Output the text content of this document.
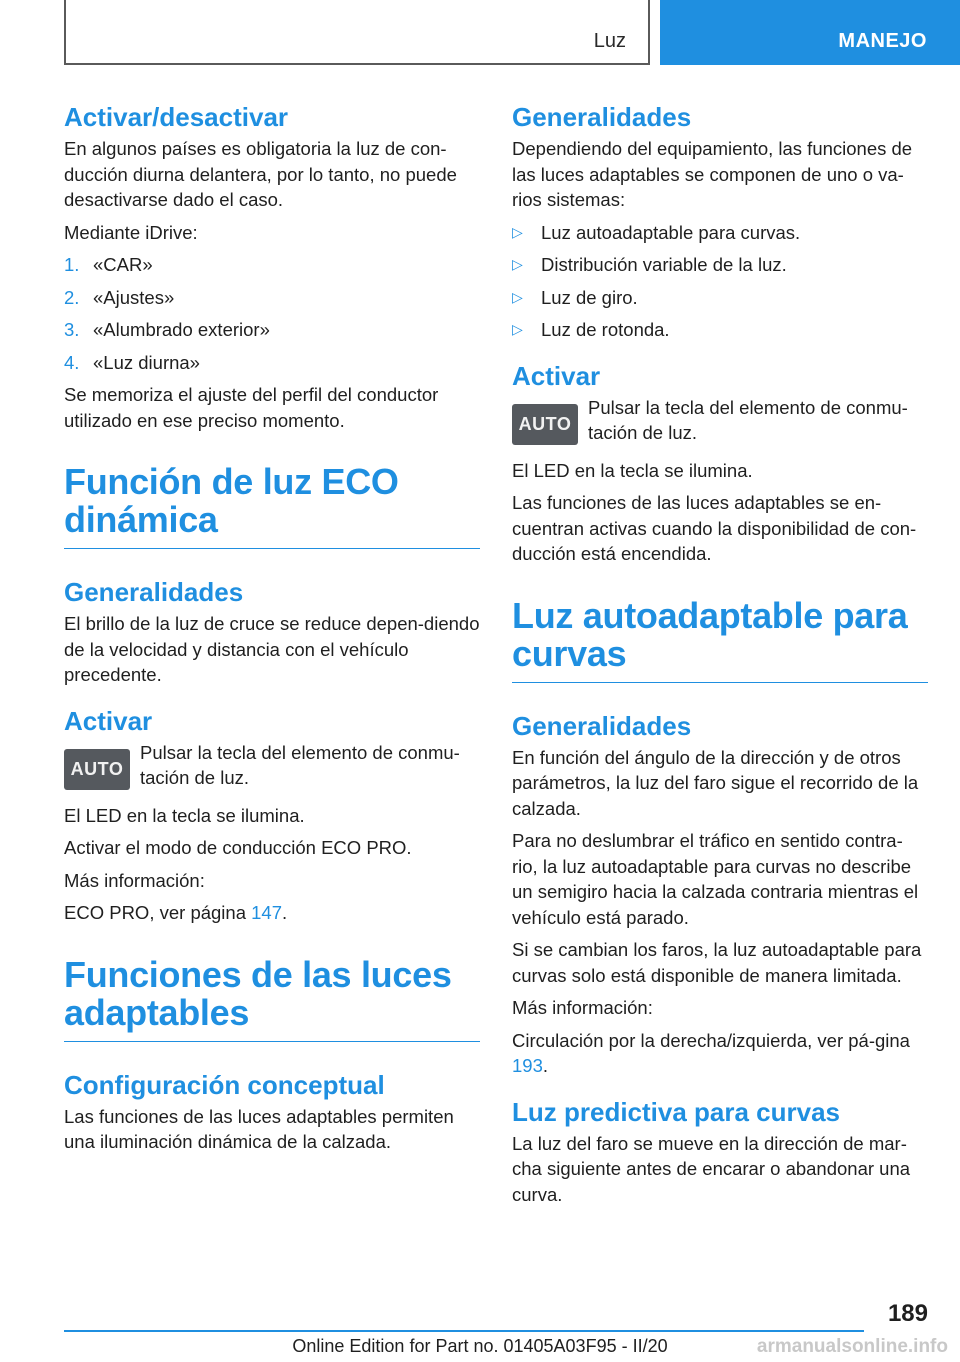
Luz	MANEJO
Activar/desactivar

En algunos países es obligatoria la luz de con-ducción diurna delantera, por lo tanto, no puede desactivarse dado el caso.

Mediante iDrive:

1. «CAR»
2. «Ajustes»
3. «Alumbrado exterior»
4. «Luz diurna»

Se memoriza el ajuste del perfil del conductor utilizado en ese preciso momento.

Función de luz ECO dinámica
Generalidades

El brillo de la luz de cruce se reduce depen-diendo de la velocidad y distancia con el vehículo precedente.

Activar
AUTO
Pulsar la tecla del elemento de conmu-tación de luz.

El LED en la tecla se ilumina.

Activar el modo de conducción ECO PRO.

Más información:

ECO PRO, ver página 147.

Funciones de las luces adaptables
Configuración conceptual

Las funciones de las luces adaptables permiten una iluminación dinámica de la calzada.

Generalidades

Dependiendo del equipamiento, las funciones de las luces adaptables se componen de uno o va-rios sistemas:

▷ Luz autoadaptable para curvas.
▷ Distribución variable de la luz.
▷ Luz de giro.
▷ Luz de rotonda.
Activar
AUTO
Pulsar la tecla del elemento de conmu-tación de luz.

El LED en la tecla se ilumina.

Las funciones de las luces adaptables se en-cuentran activas cuando la disponibilidad de con-ducción está encendida.

Luz autoadaptable para curvas
Generalidades

En función del ángulo de la dirección y de otros parámetros, la luz del faro sigue el recorrido de la calzada.

Para no deslumbrar el tráfico en sentido contra-rio, la luz autoadaptable para curvas no describe un semigiro hacia la calzada contraria mientras el vehículo está parado.

Si se cambian los faros, la luz autoadaptable para curvas solo está disponible de manera limitada.

Más información:

Circulación por la derecha/izquierda, ver pá-gina 193.

Luz predictiva para curvas

La luz del faro se mueve en la dirección de mar-cha siguiente antes de encarar o abandonar una curva.

189
Online Edition for Part no. 01405A03F95 - II/20	armanualsonline.info
